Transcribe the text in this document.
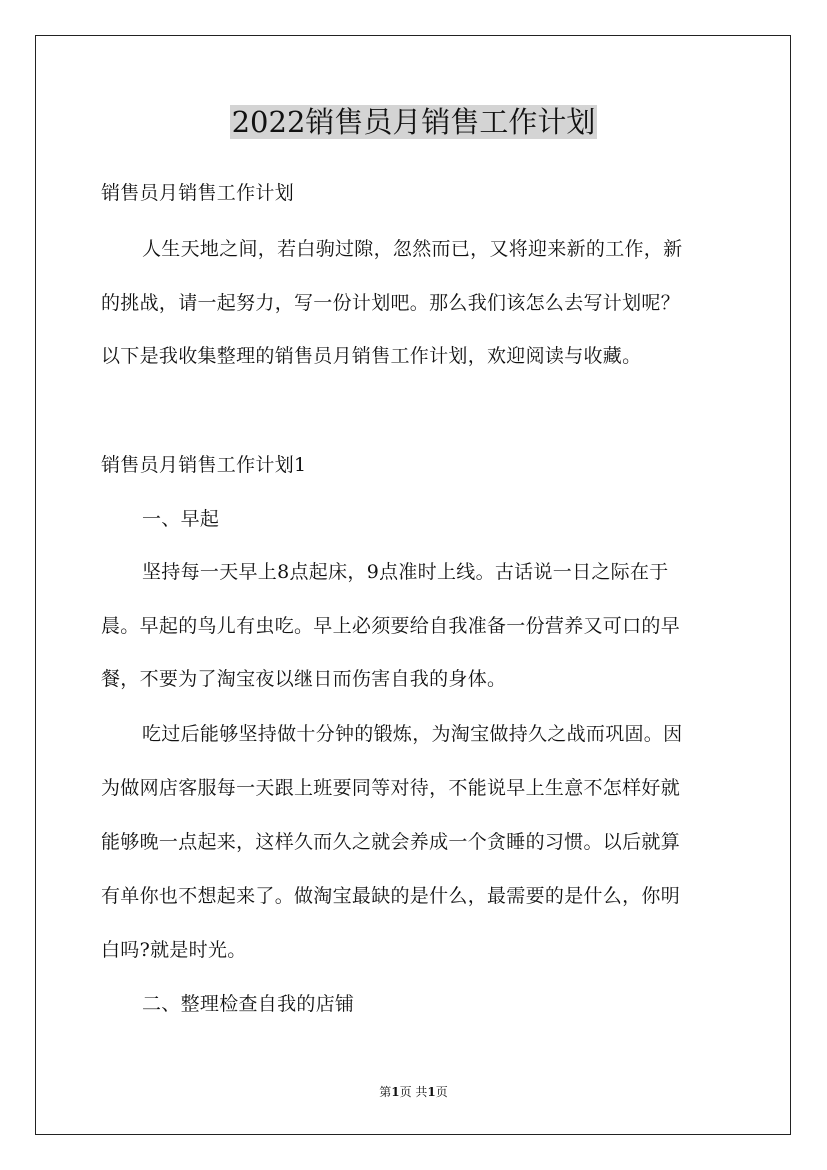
2022销售员月销售工作计划
销售员月销售工作计划
人生天地之间，若白驹过隙，忽然而已，又将迎来新的工作，新
的挑战，请一起努力，写一份计划吧。那么我们该怎么去写计划呢？
以下是我收集整理的销售员月销售工作计划，欢迎阅读与收藏。
销售员月销售工作计划1
一、早起
坚持每一天早上8点起床，9点准时上线。古话说一日之际在于
晨。早起的鸟儿有虫吃。早上必须要给自我准备一份营养又可口的早
餐，不要为了淘宝夜以继日而伤害自我的身体。
吃过后能够坚持做十分钟的锻炼，为淘宝做持久之战而巩固。因
为做网店客服每一天跟上班要同等对待，不能说早上生意不怎样好就
能够晚一点起来，这样久而久之就会养成一个贪睡的习惯。以后就算
有单你也不想起来了。做淘宝最缺的是什么，最需要的是什么，你明
白吗?就是时光。
二、整理检查自我的店铺
第1页 共1页
